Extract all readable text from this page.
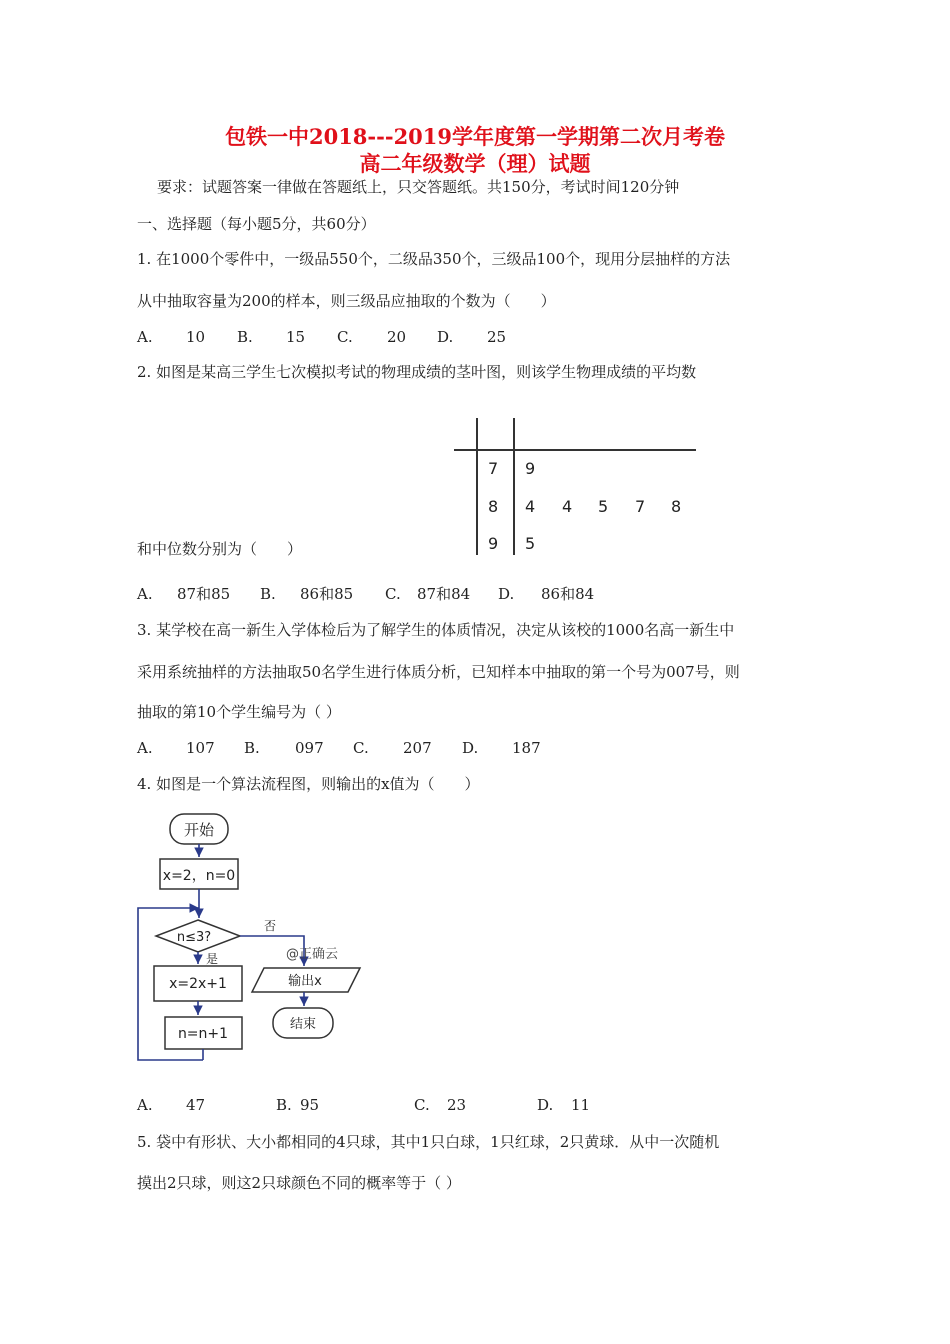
包铁一中2018---2019学年度第一学期第二次月考卷
高二年级数学（理）试题
要求：试题答案一律做在答题纸上，只交答题纸。共150分，考试时间120分钟
一、选择题（每小题5分，共60分）
1. 在1000个零件中，一级品550个，二级品350个，三级品100个，现用分层抽样的方法
从中抽取容量为200的样本，则三级品应抽取的个数为（　　）
A. 10 B. 15 C. 20 D. 25
2. 如图是某高三学生七次模拟考试的物理成绩的茎叶图，则该学生物理成绩的平均数
7 9
8 4 4 5 7 8
9 5
和中位数分别为（　　）
A. 87和85 B. 86和85 C. 87和84 D. 86和84
3. 某学校在高一新生入学体检后为了解学生的体质情况，决定从该校的1000名高一新生中
采用系统抽样的方法抽取50名学生进行体质分析，已知样本中抽取的第一个号为007号，则
抽取的第10个学生编号为（ ）
A. 107 B. 097 C. 207 D. 187
4. 如图是一个算法流程图，则输出的x值为（　　）
开始
x=2，n=0
n≤3?
否
是	@正确云
x=2x+1
n=n+1
输出x
结束
A. 47	B. 95	C. 23	D. 11
5. 袋中有形状、大小都相同的4只球，其中1只白球，1只红球，2只黄球．从中一次随机
摸出2只球，则这2只球颜色不同的概率等于（ ）
